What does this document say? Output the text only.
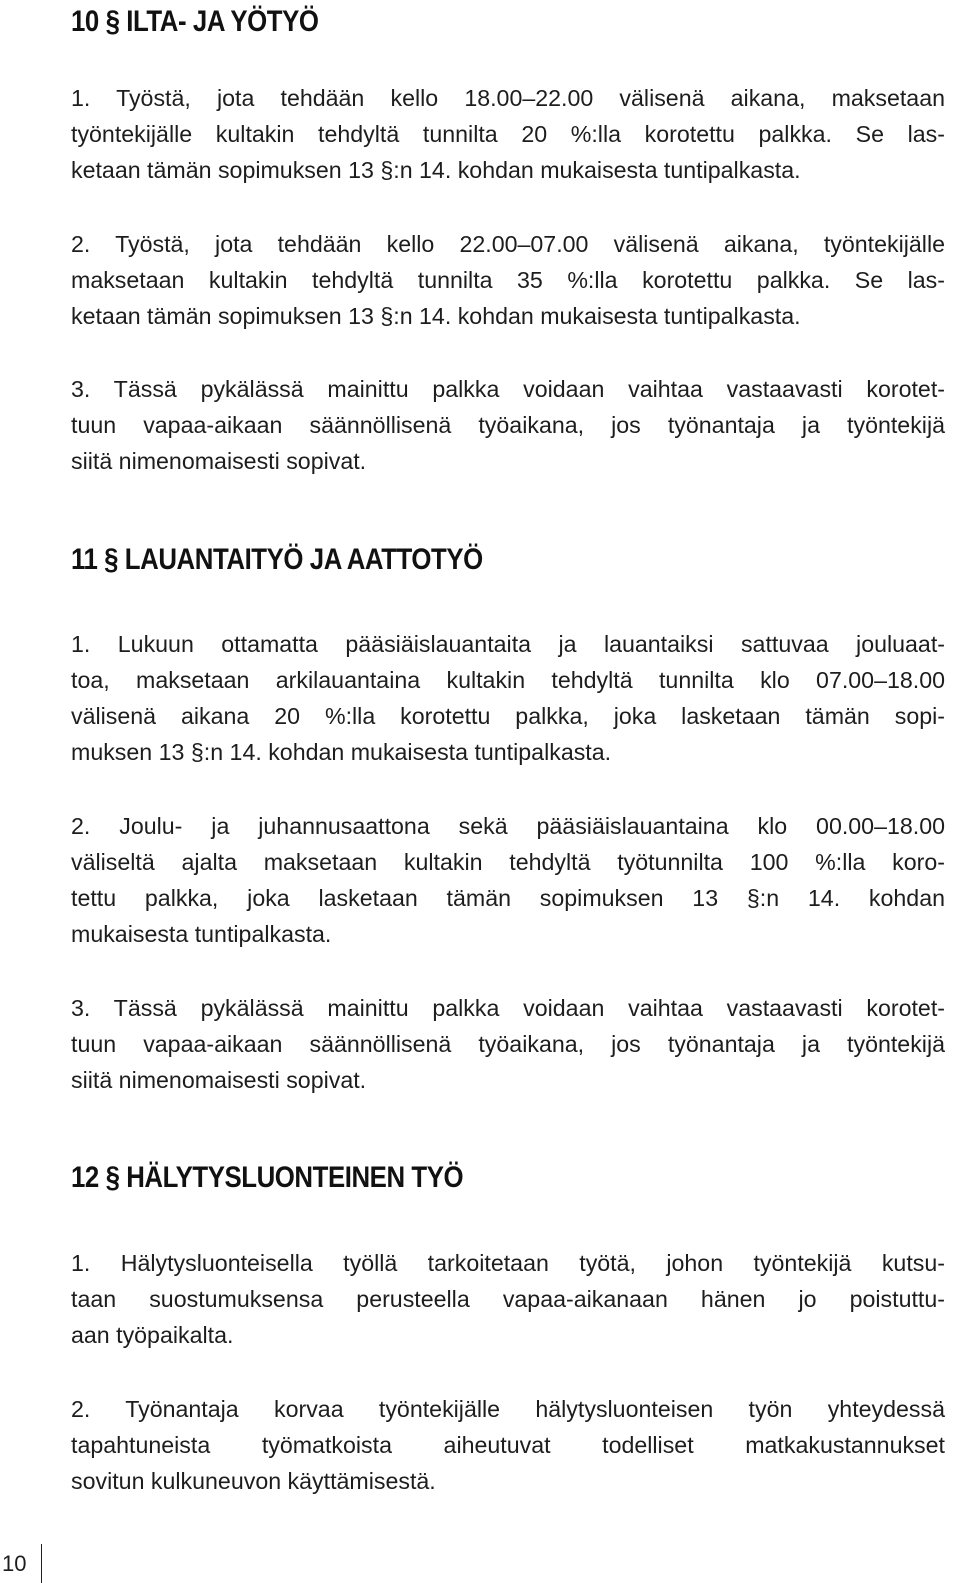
10 § ILTA- JA YÖTYÖ
1. Työstä, jota tehdään kello 18.00–22.00 välisenä aikana, maksetaan
työntekijälle kultakin tehdyltä tunnilta 20 %:lla korotettu palkka. Se las-
ketaan tämän sopimuksen 13 §:n 14. kohdan mukaisesta tuntipalkasta.
2. Työstä, jota tehdään kello 22.00–07.00 välisenä aikana, työntekijälle
maksetaan kultakin tehdyltä tunnilta 35 %:lla korotettu palkka. Se las-
ketaan tämän sopimuksen 13 §:n 14. kohdan mukaisesta tuntipalkasta.
3. Tässä pykälässä mainittu palkka voidaan vaihtaa vastaavasti korotet-
tuun vapaa-aikaan säännöllisenä työaikana, jos työnantaja ja työntekijä
siitä nimenomaisesti sopivat.
11 § LAUANTAITYÖ JA AATTOTYÖ
1. Lukuun ottamatta pääsiäislauantaita ja lauantaiksi sattuvaa jouluaat-
toa, maksetaan arkilauantaina kultakin tehdyltä tunnilta klo 07.00–18.00
välisenä aikana 20 %:lla korotettu palkka, joka lasketaan tämän sopi-
muksen 13 §:n 14. kohdan mukaisesta tuntipalkasta.
2. Joulu- ja juhannusaattona sekä pääsiäislauantaina klo 00.00–18.00
väliseltä ajalta maksetaan kultakin tehdyltä työtunnilta 100 %:lla koro-
tettu palkka, joka lasketaan tämän sopimuksen 13 §:n 14. kohdan
mukaisesta tuntipalkasta.
3. Tässä pykälässä mainittu palkka voidaan vaihtaa vastaavasti korotet-
tuun vapaa-aikaan säännöllisenä työaikana, jos työnantaja ja työntekijä
siitä nimenomaisesti sopivat.
12 § HÄLYTYSLUONTEINEN TYÖ
1. Hälytysluonteisella työllä tarkoitetaan työtä, johon työntekijä kutsu-
taan suostumuksensa perusteella vapaa-aikanaan hänen jo poistuttu-
aan työpaikalta.
2. Työnantaja korvaa työntekijälle hälytysluonteisen työn yhteydessä
tapahtuneista työmatkoista aiheutuvat todelliset matkakustannukset
sovitun kulkuneuvon käyttämisestä.
10
